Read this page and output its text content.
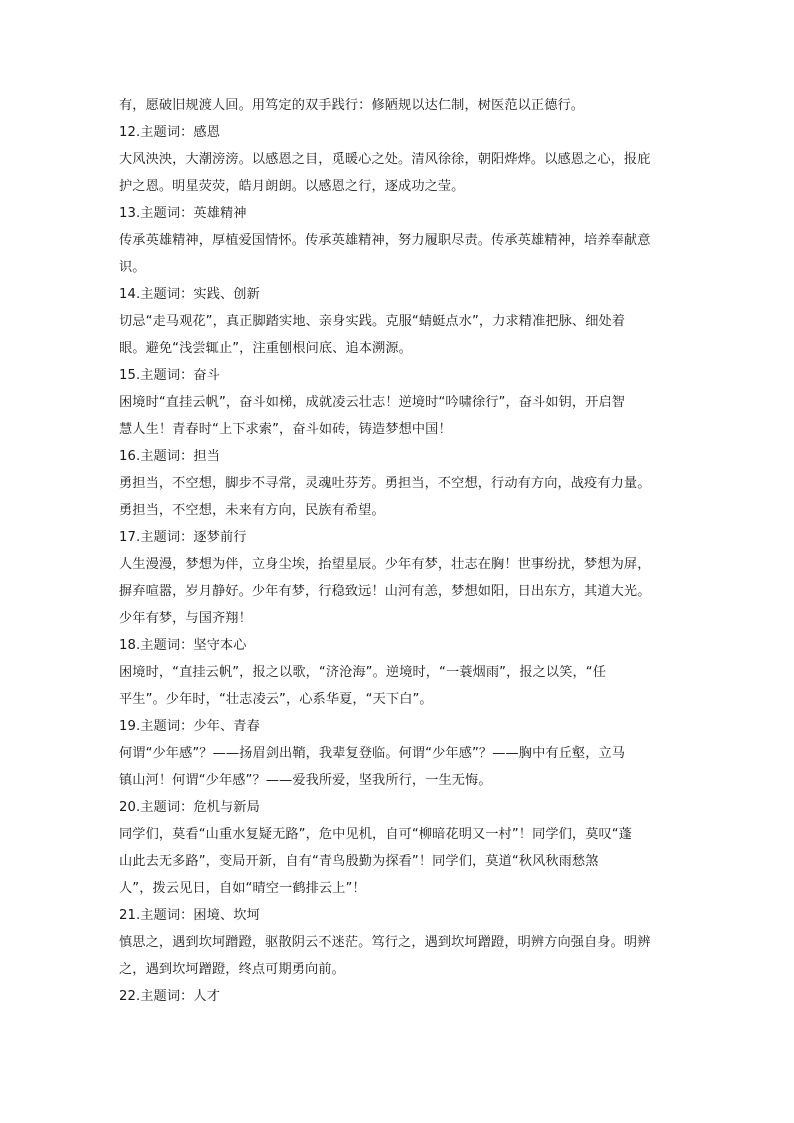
有，愿破旧规渡人回。用笃定的双手践行：修陋规以达仁制，树医范以正德行。
12.主题词：感恩
大风泱泱，大潮滂滂。以感恩之目，觅暖心之处。清风徐徐，朝阳烨烨。以感恩之心，报庇
护之恩。明星荧荧，皓月朗朗。以感恩之行，逐成功之莹。
13.主题词：英雄精神
传承英雄精神，厚植爱国情怀。传承英雄精神，努力履职尽责。传承英雄精神，培养奉献意
识。
14.主题词：实践、创新
切忌“走马观花”，真正脚踏实地、亲身实践。克服“蜻蜓点水”，力求精准把脉、细处着
眼。避免“浅尝辄止”，注重刨根问底、追本溯源。
15.主题词：奋斗
困境时“直挂云帆”，奋斗如梯，成就凌云壮志！逆境时“吟啸徐行”，奋斗如钥，开启智
慧人生！青春时“上下求索”，奋斗如砖，铸造梦想中国！
16.主题词：担当
勇担当，不空想，脚步不寻常，灵魂吐芬芳。勇担当，不空想，行动有方向，战疫有力量。
勇担当，不空想，未来有方向，民族有希望。
17.主题词：逐梦前行
人生漫漫，梦想为伴，立身尘埃，抬望星辰。少年有梦，壮志在胸！世事纷扰，梦想为屏，
摒弃喧嚣，岁月静好。少年有梦，行稳致远！山河有恙，梦想如阳，日出东方，其道大光。
少年有梦，与国齐翔！
18.主题词：坚守本心
困境时，“直挂云帆”，报之以歌，“济沧海”。逆境时，“一蓑烟雨”，报之以笑，“任
平生”。少年时，“壮志凌云”，心系华夏，“天下白”。
19.主题词：少年、青春
何谓“少年感”？——扬眉剑出鞘，我辈复登临。何谓“少年感”？——胸中有丘壑，立马
镇山河！何谓“少年感”？——爱我所爱，坚我所行，一生无悔。
20.主题词：危机与新局
同学们，莫看“山重水复疑无路”，危中见机，自可“柳暗花明又一村”！同学们，莫叹“蓬
山此去无多路”，变局开新，自有“青鸟殷勤为探看”！同学们，莫道“秋风秋雨愁煞
人”，拨云见日，自如“晴空一鹤排云上”！
21.主题词：困境、坎坷
慎思之，遇到坎坷蹭蹬，驱散阴云不迷茫。笃行之，遇到坎坷蹭蹬，明辨方向强自身。明辨
之，遇到坎坷蹭蹬，终点可期勇向前。
22.主题词：人才
